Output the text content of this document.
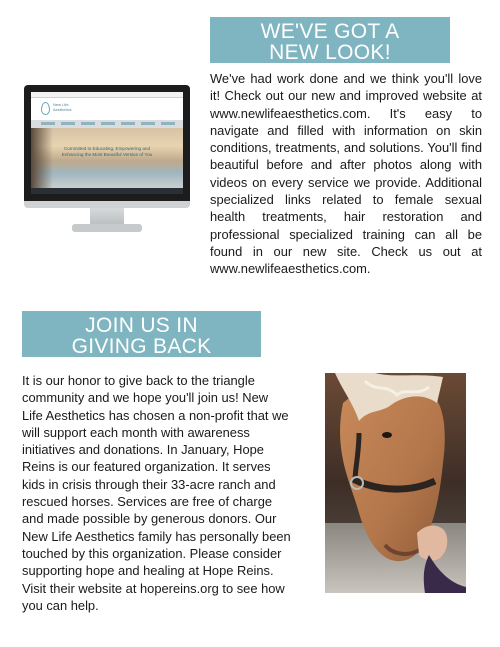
WE'VE GOT A
NEW LOOK!
New Life
Aesthetics
Committed to Educating, Empowering and
Enhancing the Most Beautiful Version of You

We've had work done and we think you'll love it! Check out our new and improved website at www.newlifeaesthetics.com. It's easy to navigate and filled with information on skin conditions, treatments, and solutions. You'll find beautiful before and after photos along with videos on every service we provide. Additional specialized links related to female sexual health treatments, hair restoration and professional specialized training can all be found in our new site. Check us out at www.newlifeaesthetics.com.

JOIN US IN
GIVING BACK

It is our honor to give back to the triangle community and we hope you'll join us! New Life Aesthetics has chosen a non-profit that we will support each month with awareness initiatives and donations. In January, Hope Reins is our featured organization. It serves kids in crisis through their 33-acre ranch and rescued horses. Services are free of charge and made possible by generous donors. Our New Life Aesthetics family has personally been touched by this organization. Please consider supporting hope and healing at Hope Reins. Visit their website at hopereins.org to see how you can help.
